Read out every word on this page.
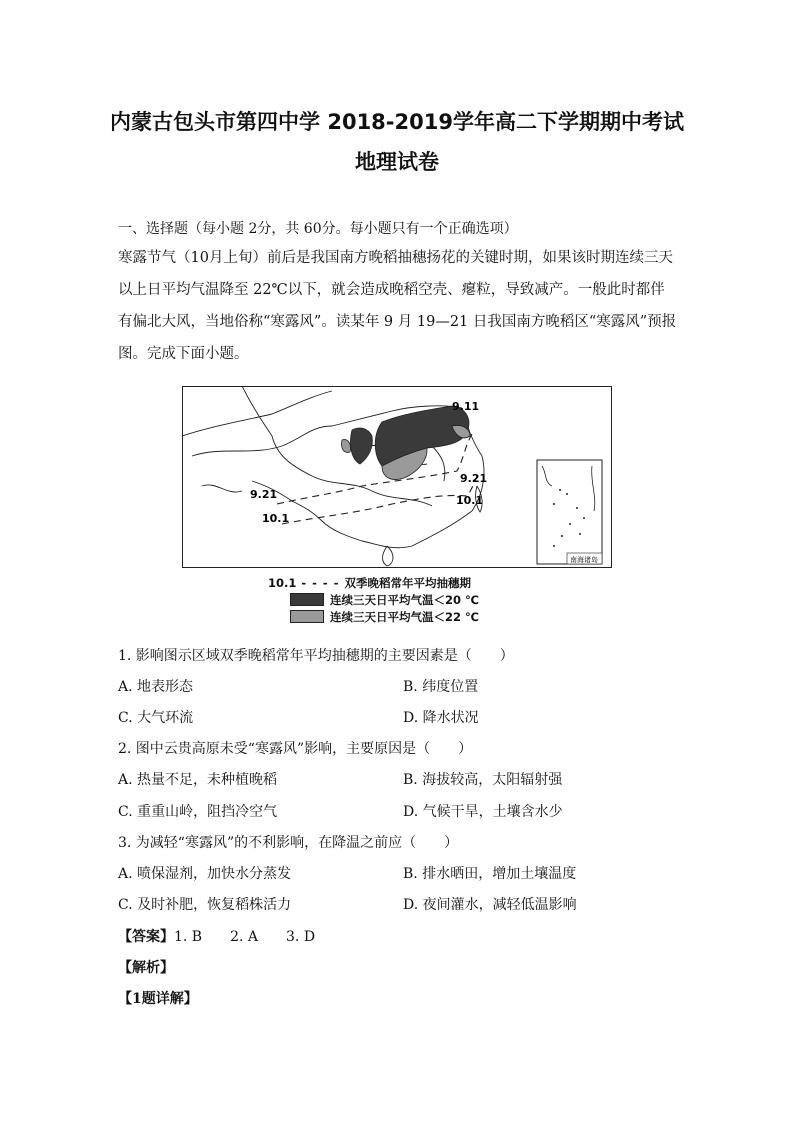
内蒙古包头市第四中学 2018-2019学年高二下学期期中考试
地理试卷
一、选择题（每小题 2分，共 60分。每小题只有一个正确选项）
寒露节气（10月上旬）前后是我国南方晚稻抽穗扬花的关键时期，如果该时期连续三天以上日平均气温降至 22℃以下，就会造成晚稻空壳、瘪粒，导致减产。一般此时都伴有偏北大风，当地俗称“寒露风”。读某年 9 月 19—21 日我国南方晚稻区“寒露风”预报图。完成下面小题。
9.11
9.21
10.1
9.21
10.1
南海诸岛
10.1 - - - - 双季晚稻常年平均抽穗期
连续三天日平均气温＜20 ℃
连续三天日平均气温＜22 ℃
1. 影响图示区域双季晚稻常年平均抽穗期的主要因素是（　　）
A. 地表形态	B. 纬度位置
C. 大气环流	D. 降水状况
2. 图中云贵高原未受“寒露风”影响，主要原因是（　　）
A. 热量不足，未种植晚稻	B. 海拔较高，太阳辐射强
C. 重重山岭，阻挡冷空气	D. 气候干旱，土壤含水少
3. 为减轻“寒露风”的不利影响，在降温之前应（　　）
A. 喷保湿剂，加快水分蒸发	B. 排水晒田，增加土壤温度
C. 及时补肥，恢复稻株活力	D. 夜间灌水，减轻低温影响
【答案】1. B　　2. A　　3. D
【解析】
【1题详解】
